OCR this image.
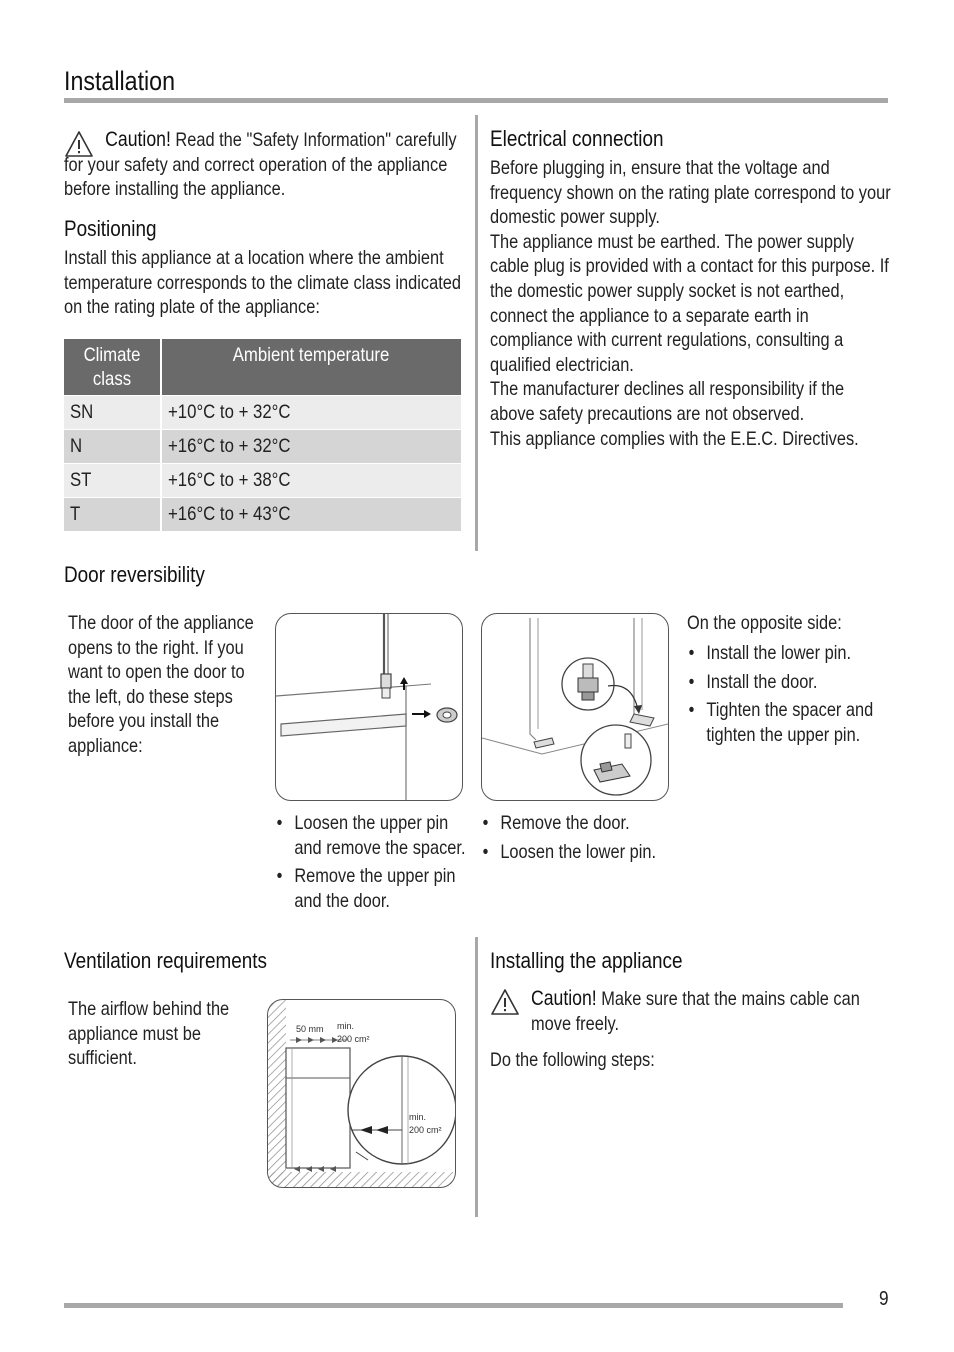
Installation
Caution! Read the "Safety Information" carefully for your safety and correct operation of the appliance before installing the appliance.
Positioning
Install this appliance at a location where the ambient temperature corresponds to the climate class indicated on the rating plate of the appliance:
Climate class	Ambient temperature
SN	+10°C to + 32°C
N	+16°C to + 32°C
ST	+16°C to + 38°C
T	+16°C to + 43°C
Electrical connection
Before plugging in, ensure that the voltage and frequency shown on the rating plate correspond to your domestic power supply.
The appliance must be earthed. The power supply cable plug is provided with a contact for this purpose. If the domestic power supply socket is not earthed, connect the appliance to a separate earth in compliance with current regulations, consulting a qualified electrician.
The manufacturer declines all responsibility if the above safety precautions are not observed.
This appliance complies with the E.E.C. Directives.
Door reversibility
The door of the appliance opens to the right. If you want to open the door to the left, do these steps before you install the appliance:
• Loosen the upper pin and remove the spacer.
• Remove the upper pin and the door.
• Remove the door.
• Loosen the lower pin.
On the opposite side:
• Install the lower pin.
• Install the door.
• Tighten the spacer and tighten the upper pin.
Ventilation requirements
The airflow behind the appliance must be sufficient.
50 mm min.
200 cm²
min.
200 cm²
Installing the appliance
Caution! Make sure that the mains cable can move freely.
Do the following steps:
9
